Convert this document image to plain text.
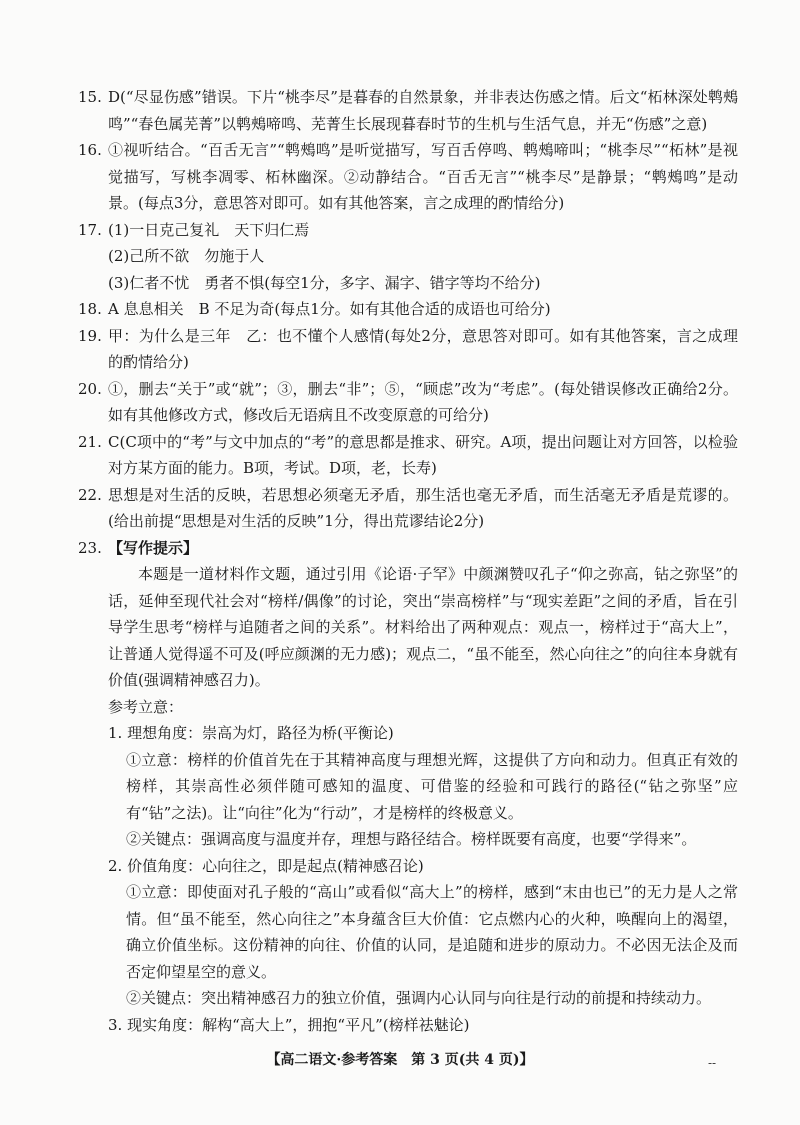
15. D(“尽显伤感”错误。下片“桃李尽”是暮春的自然景象，并非表达伤感之情。后文“柘林深处鹎鵊鸣”“春色属芜菁”以鹎鵊啼鸣、芜菁生长展现暮春时节的生机与生活气息，并无“伤感”之意)

16. ①视听结合。“百舌无言”“鹎鵊鸣”是听觉描写，写百舌停鸣、鹎鵊啼叫；“桃李尽”“柘林”是视觉描写，写桃李凋零、柘林幽深。②动静结合。“百舌无言”“桃李尽”是静景；“鹎鵊鸣”是动景。(每点3分，意思答对即可。如有其他答案，言之成理的酌情给分)

17. (1)一日克己复礼　天下归仁焉

(2)己所不欲　勿施于人

(3)仁者不忧　勇者不惧(每空1分，多字、漏字、错字等均不给分)

18. A 息息相关　B 不足为奇(每点1分。如有其他合适的成语也可给分)

19. 甲：为什么是三年　乙：也不懂个人感情(每处2分，意思答对即可。如有其他答案，言之成理的酌情给分)

20. ①，删去“关于”或“就”；③，删去“非”；⑤，“顾虑”改为“考虑”。(每处错误修改正确给2分。如有其他修改方式，修改后无语病且不改变原意的可给分)

21. C(C项中的“考”与文中加点的“考”的意思都是推求、研究。A项，提出问题让对方回答，以检验对方某方面的能力。B项，考试。D项，老，长寿)

22. 思想是对生活的反映，若思想必须毫无矛盾，那生活也毫无矛盾，而生活毫无矛盾是荒谬的。(给出前提“思想是对生活的反映”1分，得出荒谬结论2分)

23. 【写作提示】

本题是一道材料作文题，通过引用《论语·子罕》中颜渊赞叹孔子“仰之弥高，钻之弥坚”的话，延伸至现代社会对“榜样/偶像”的讨论，突出“崇高榜样”与“现实差距”之间的矛盾，旨在引导学生思考“榜样与追随者之间的关系”。材料给出了两种观点：观点一，榜样过于“高大上”，让普通人觉得遥不可及(呼应颜渊的无力感)；观点二，“虽不能至，然心向往之”的向往本身就有价值(强调精神感召力)。

参考立意：

1. 理想角度：崇高为灯，路径为桥(平衡论)

①立意：榜样的价值首先在于其精神高度与理想光辉，这提供了方向和动力。但真正有效的榜样，其崇高性必须伴随可感知的温度、可借鉴的经验和可践行的路径(“钻之弥坚”应有“钻”之法)。让“向往”化为“行动”，才是榜样的终极意义。

②关键点：强调高度与温度并存，理想与路径结合。榜样既要有高度，也要“学得来”。

2. 价值角度：心向往之，即是起点(精神感召论)

①立意：即使面对孔子般的“高山”或看似“高大上”的榜样，感到“末由也已”的无力是人之常情。但“虽不能至，然心向往之”本身蕴含巨大价值：它点燃内心的火种，唤醒向上的渴望，确立价值坐标。这份精神的向往、价值的认同，是追随和进步的原动力。不必因无法企及而否定仰望星空的意义。

②关键点：突出精神感召力的独立价值，强调内心认同与向往是行动的前提和持续动力。

3. 现实角度：解构“高大上”，拥抱“平凡”(榜样祛魅论)

【高二语文·参考答案　第 3 页(共 4 页)】	--
